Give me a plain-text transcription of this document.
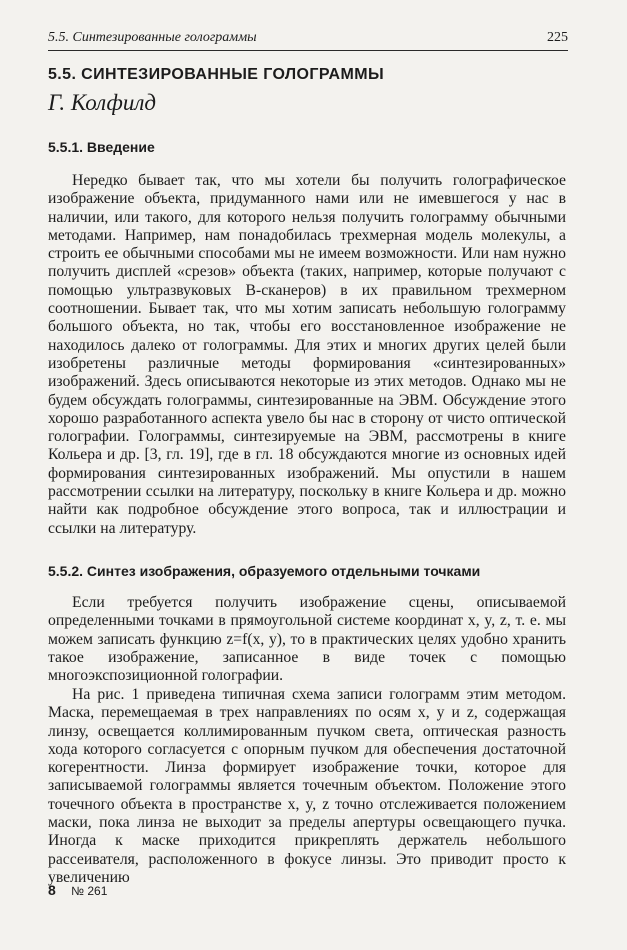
5.5. Синтезированные голограммы	225
5.5. СИНТЕЗИРОВАННЫЕ ГОЛОГРАММЫ
Г. Колфилд
5.5.1. Введение

Нередко бывает так, что мы хотели бы получить голографическое изображение объекта, придуманного нами или не имевшегося у нас в наличии, или такого, для которого нельзя получить голограмму обычными методами. Например, нам понадобилась трехмерная модель молекулы, а строить ее обычными способами мы не имеем возможности. Или нам нужно получить дисплей «срезов» объекта (таких, например, которые получают с помощью ультразвуковых В-сканеров) в их правильном трехмерном соотношении. Бывает так, что мы хотим записать небольшую голограмму большого объекта, но так, чтобы его восстановленное изображение не находилось далеко от голограммы. Для этих и многих других целей были изобретены различные методы формирования «синтезированных» изображений. Здесь описываются некоторые из этих методов. Однако мы не будем обсуждать голограммы, синтезированные на ЭВМ. Обсуждение этого хорошо разработанного аспекта увело бы нас в сторону от чисто оптической голографии. Голограммы, синтезируемые на ЭВМ, рассмотрены в книге Кольера и др. [3, гл. 19], где в гл. 18 обсуждаются многие из основных идей формирования синтезированных изображений. Мы опустили в нашем рассмотрении ссылки на литературу, поскольку в книге Кольера и др. можно найти как подробное обсуждение этого вопроса, так и иллюстрации и ссылки на литературу.

5.5.2. Синтез изображения, образуемого отдельными точками

Если требуется получить изображение сцены, описываемой определенными точками в прямоугольной системе координат x, y, z, т. е. мы можем записать функцию z=f(x, y), то в практических целях удобно хранить такое изображение, записанное в виде точек с помощью многоэкспозиционной голографии.

На рис. 1 приведена типичная схема записи голограмм этим методом. Маска, перемещаемая в трех направлениях по осям x, y и z, содержащая линзу, освещается коллимированным пучком света, оптическая разность хода которого согласуется с опорным пучком для обеспечения достаточной когерентности. Линза формирует изображение точки, которое для записываемой голограммы является точечным объектом. Положение этого точечного объекта в пространстве x, y, z точно отслеживается положением маски, пока линза не выходит за пределы апертуры освещающего пучка. Иногда к маске приходится прикреплять держатель небольшого рассеивателя, расположенного в фокусе линзы. Это приводит просто к увеличению

8 № 261
